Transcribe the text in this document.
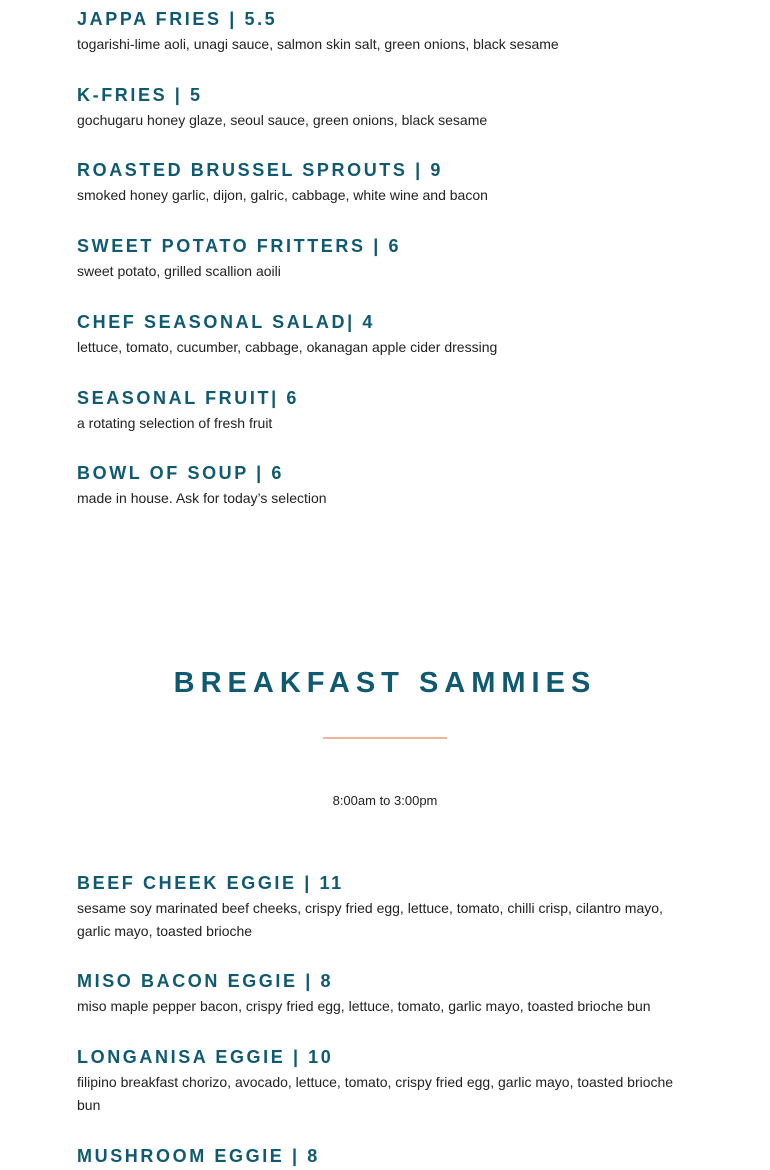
JAPPA FRIES | 5.5

togarishi-lime aoli, unagi sauce, salmon skin salt, green onions, black sesame

K-FRIES | 5

gochugaru honey glaze, seoul sauce, green onions, black sesame

ROASTED BRUSSEL SPROUTS | 9

smoked honey garlic, dijon, galric, cabbage, white wine and bacon

SWEET POTATO FRITTERS | 6

sweet potato, grilled scallion aoili

CHEF SEASONAL SALAD| 4

lettuce, tomato, cucumber, cabbage, okanagan apple cider dressing

SEASONAL FRUIT| 6

a rotating selection of fresh fruit

BOWL OF SOUP | 6

made in house. Ask for today’s selection

BREAKFAST SAMMIES
8:00am to 3:00pm
BEEF CHEEK EGGIE | 11

sesame soy marinated beef cheeks, crispy fried egg, lettuce, tomato, chilli crisp, cilantro mayo, garlic mayo, toasted brioche

MISO BACON EGGIE | 8

miso maple pepper bacon, crispy fried egg, lettuce, tomato, garlic mayo, toasted brioche bun

LONGANISA EGGIE | 10

filipino breakfast chorizo, avocado, lettuce, tomato, crispy fried egg, garlic mayo, toasted brioche bun

MUSHROOM EGGIE | 8
